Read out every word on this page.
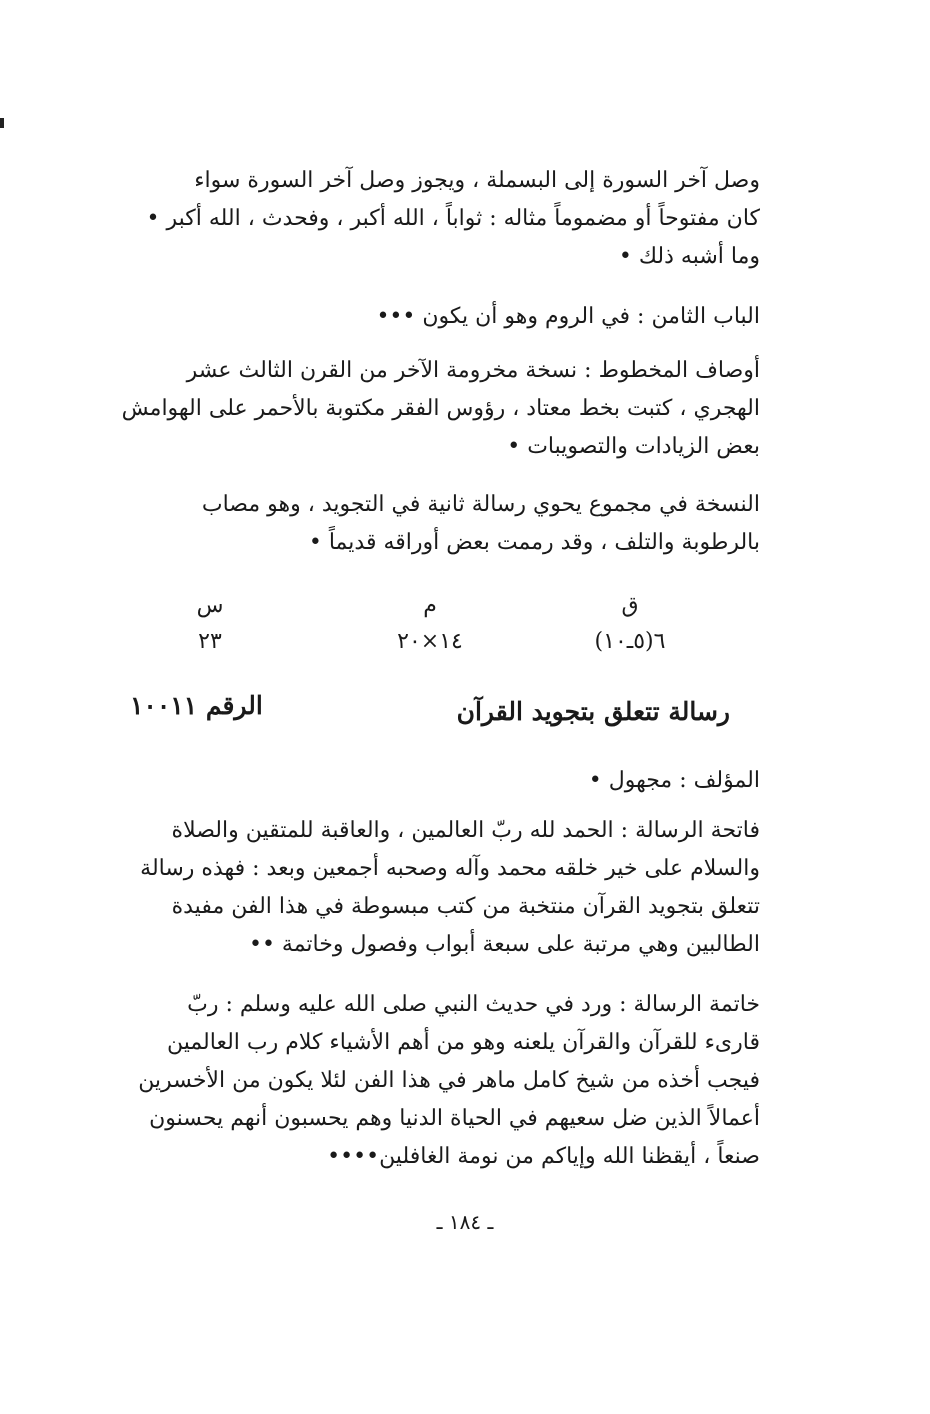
وصل آخر السورة إلى البسملة ، ويجوز وصل آخر السورة سواء
كان مفتوحاً أو مضموماً مثاله : ثواباً ، الله أكبر ، وفحدث ، الله أكبر •
وما أشبه ذلك •
الباب الثامن : في الروم وهو أن يكون •••
أوصاف المخطوط : نسخة مخرومة الآخر من القرن الثالث عشر
الهجري ، كتبت بخط معتاد ، رؤوس الفقر مكتوبة بالأحمر على الهوامش
بعض الزيادات والتصويبات •
النسخة في مجموع يحوي رسالة ثانية في التجويد ، وهو مصاب
بالرطوبة والتلف ، وقد رممت بعض أوراقه قديماً •
ق
٦(٥ـ١٠)
م
١٤×٢٠
س
٢٣
رسالة تتعلق بتجويد القرآن
الرقم ١٠٠١١
المؤلف : مجهول •
فاتحة الرسالة : الحمد لله ربّ العالمين ، والعاقبة للمتقين والصلاة
والسلام على خير خلقه محمد وآله وصحبه أجمعين وبعد : فهذه رسالة
تتعلق بتجويد القرآن منتخبة من كتب مبسوطة في هذا الفن مفيدة
الطالبين وهي مرتبة على سبعة أبواب وفصول وخاتمة ••
خاتمة الرسالة : ورد في حديث النبي صلى الله عليه وسلم : ربّ
قارىء للقرآن والقرآن يلعنه وهو من أهم الأشياء كلام رب العالمين
فيجب أخذه من شيخ كامل ماهر في هذا الفن لئلا يكون من الأخسرين
أعمالاً الذين ضل سعيهم في الحياة الدنيا وهم يحسبون أنهم يحسنون
صنعاً ، أيقظنا الله وإياكم من نومة الغافلين••••
ـ ١٨٤ ـ
